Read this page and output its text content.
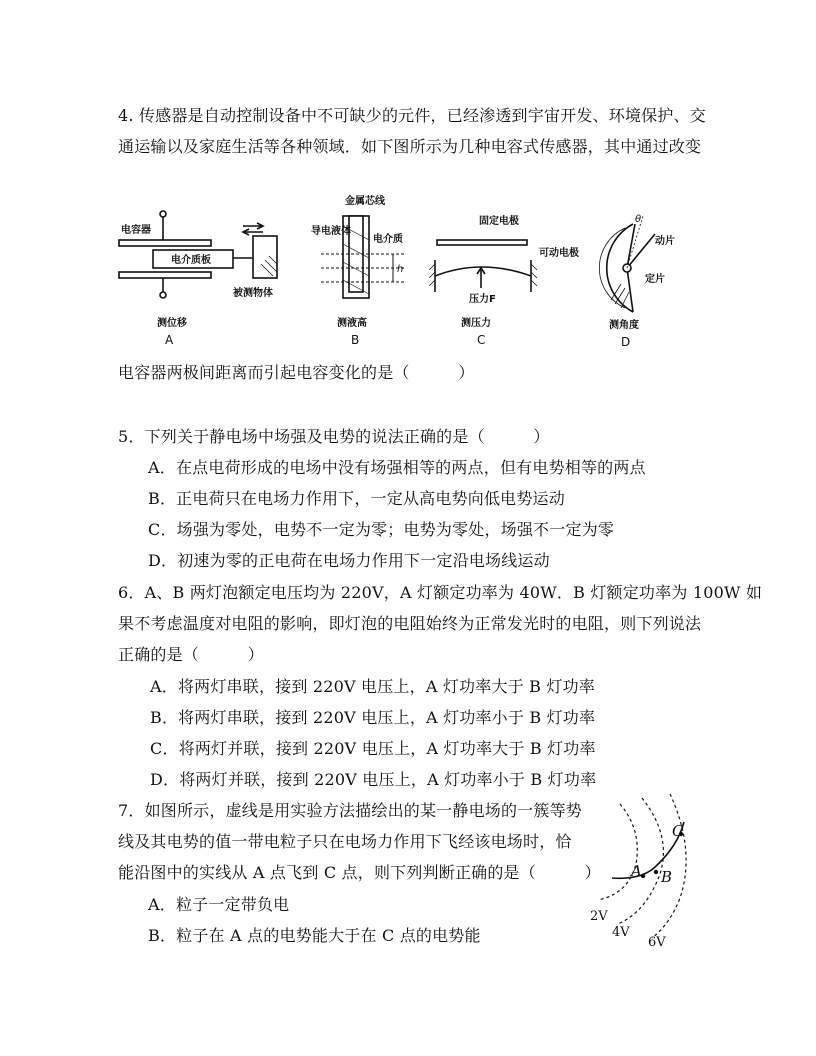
4. 传感器是自动控制设备中不可缺少的元件，已经渗透到宇宙开发、环境保护、交
通运输以及家庭生活等各种领域．如下图所示为几种电容式传感器，其中通过改变
电容器
电介质板
被测物体
测位移
A
金属芯线
导电液体
电介质
h
测液高
B
固定电极
可动电极
压力F
测压力
C
θ
动片
定片
测角度
D
电容器两极间距离而引起电容变化的是（　　　）
5．下列关于静电场中场强及电势的说法正确的是（　　　）
A．在点电荷形成的电场中没有场强相等的两点，但有电势相等的两点
B．正电荷只在电场力作用下，一定从高电势向低电势运动
C．场强为零处，电势不一定为零；电势为零处，场强不一定为零
D．初速为零的正电荷在电场力作用下一定沿电场线运动
6．A、B 两灯泡额定电压均为 220V，A 灯额定功率为 40W．B 灯额定功率为 100W 如
果不考虑温度对电阻的影响，即灯泡的电阻始终为正常发光时的电阻，则下列说法
正确的是（　　　）
A．将两灯串联，接到 220V 电压上，A 灯功率大于 B 灯功率
B．将两灯串联，接到 220V 电压上，A 灯功率小于 B 灯功率
C．将两灯并联，接到 220V 电压上，A 灯功率大于 B 灯功率
D．将两灯并联，接到 220V 电压上，A 灯功率小于 B 灯功率
7．如图所示，虚线是用实验方法描绘出的某一静电场的一簇等势
线及其电势的值一带电粒子只在电场力作用下飞经该电场时，恰
能沿图中的实线从 A 点飞到 C 点，则下列判断正确的是（　　　）
A．粒子一定带负电
B．粒子在 A 点的电势能大于在 C 点的电势能
C
A B
2V
4V
6V
